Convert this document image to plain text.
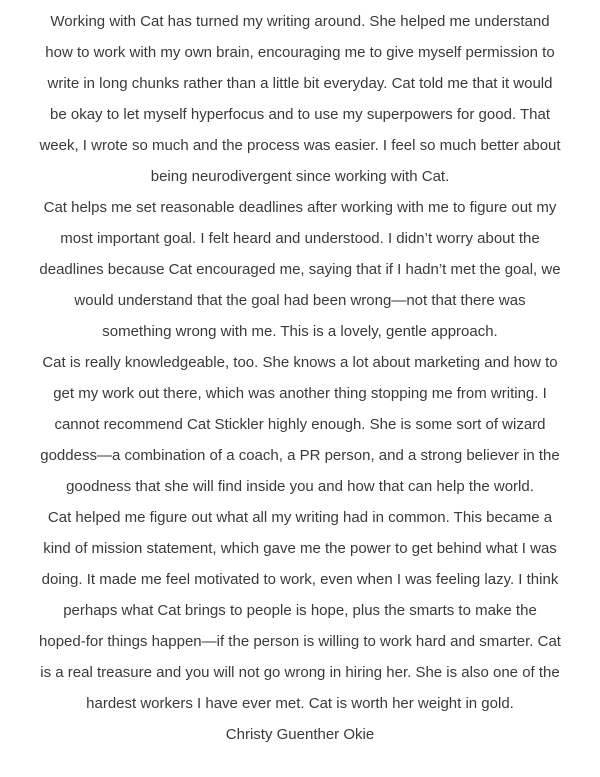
Working with Cat has turned my writing around. She helped me understand
how to work with my own brain, encouraging me to give myself permission to
write in long chunks rather than a little bit everyday. Cat told me that it would
be okay to let myself hyperfocus and to use my superpowers for good. That
week, I wrote so much and the process was easier. I feel so much better about
being neurodivergent since working with Cat.

Cat helps me set reasonable deadlines after working with me to figure out my
most important goal. I felt heard and understood. I didn’t worry about the
deadlines because Cat encouraged me, saying that if I hadn’t met the goal, we
would understand that the goal had been wrong—not that there was
something wrong with me. This is a lovely, gentle approach.

Cat is really knowledgeable, too. She knows a lot about marketing and how to
get my work out there, which was another thing stopping me from writing. I
cannot recommend Cat Stickler highly enough. She is some sort of wizard
goddess—a combination of a coach, a PR person, and a strong believer in the
goodness that she will find inside you and how that can help the world.

Cat helped me figure out what all my writing had in common. This became a
kind of mission statement, which gave me the power to get behind what I was
doing. It made me feel motivated to work, even when I was feeling lazy. I think
perhaps what Cat brings to people is hope, plus the smarts to make the
hoped-for things happen—if the person is willing to work hard and smarter. Cat
is a real treasure and you will not go wrong in hiring her. She is also one of the
hardest workers I have ever met. Cat is worth her weight in gold.

Christy Guenther Okie
